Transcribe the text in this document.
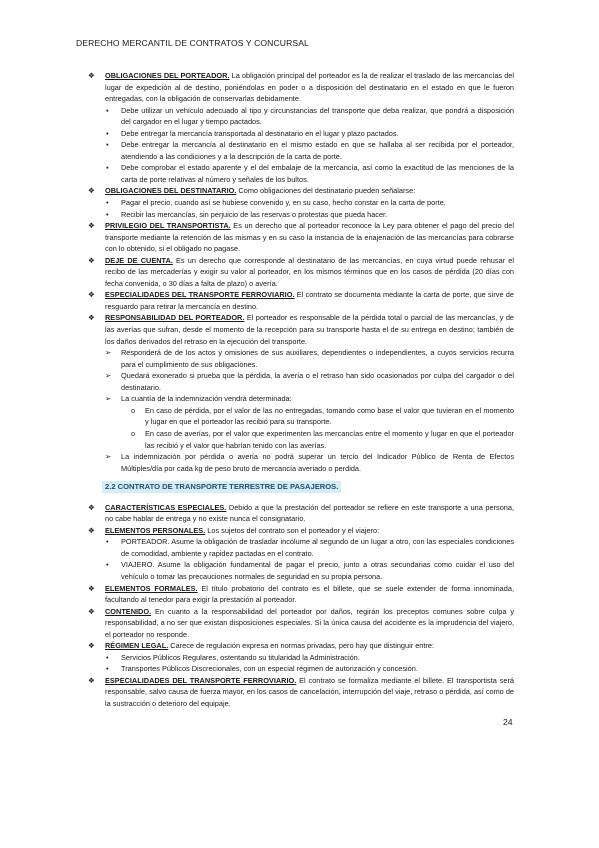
DERECHO MERCANTIL DE CONTRATOS Y CONCURSAL
❖ OBLIGACIONES DEL PORTEADOR. La obligación principal del porteador es la de realizar el traslado de las mercancías del lugar de expedición al de destino, poniéndolas en poder o a disposición del destinatario en el estado en que le fueron entregadas, con la obligación de conservarlas debidamente.
▪ Debe utilizar un vehículo adecuado al tipo y circunstancias del transporte que deba realizar, que pondrá a disposición del cargador en el lugar y tiempo pactados.
▪ Debe entregar la mercancía transportada al destinatario en el lugar y plazo pactados.
▪ Debe entregar la mercancía al destinatario en el mismo estado en que se hallaba al ser recibida por el porteador, atendiendo a las condiciones y a la descripción de la carta de porte.
▪ Debe comprobar el estado aparente y el del embalaje de la mercancía, así como la exactitud de las menciones de la carta de porte relativas al número y señales de los bultos.
❖ OBLIGACIONES DEL DESTINATARIO. Como obligaciones del destinatario pueden señalarse:
• Pagar el precio, cuando así se hubiese convenido y, en su caso, hecho constar en la carta de porte.
• Recibir las mercancías, sin perjuicio de las reservas o protestas que pueda hacer.
❖ PRIVILEGIO DEL TRANSPORTISTA. Es un derecho que al porteador reconoce la Ley para obtener el pago del precio del transporte mediante la retención de las mismas y en su caso la instancia de la enajenación de las mercancías para cobrarse con lo obtenido, si el obligado no pagase.
❖ DEJE DE CUENTA. Es un derecho que corresponde al destinatario de las mercancías, en cuya virtud puede rehusar el recibo de las mercaderías y exigir su valor al porteador, en los mismos términos que en los casos de pérdida (20 días con fecha convenida, o 30 días a falta de plazo) o avería.
❖ ESPECIALIDADES DEL TRANSPORTE FERROVIARIO. El contrato se documenta mediante la carta de porte, que sirve de resguardo para retirar la mercancía en destino.
❖ RESPONSABILIDAD DEL PORTEADOR. El porteador es responsable de la pérdida total o parcial de las mercancías, y de las averías que sufran, desde el momento de la recepción para su transporte hasta el de su entrega en destino; también de los daños derivados del retraso en la ejecución del transporte.
➢ Responderá de de los actos y omisiones de sus auxiliares, dependientes o independientes, a cuyos servicios recurra para el cumplimiento de sus obligaciones.
➢ Quedará exonerado si prueba que la pérdida, la avería o el retraso han sido ocasionados por culpa del cargador o del destinatario.
➢ La cuantía de la indemnización vendrá determinada:
o En caso de pérdida, por el valor de las no entregadas, tomando como base el valor que tuvieran en el momento y lugar en que el porteador las recibió para su transporte.
o En caso de averías, por el valor que experimenten las mercancías entre el momento y lugar en que el porteador las recibió y el valor que habrían tenido con las averías.
➢ La indemnización por pérdida o avería no podrá superar un tercio del Indicador Público de Renta de Efectos Múltiples/día por cada kg de peso bruto de mercancía averiado o perdida.
2.2 CONTRATO DE TRANSPORTE TERRESTRE DE PASAJEROS.
❖ CARACTERÍSTICAS ESPECIALES. Debido a que la prestación del porteador se refiere en este transporte a una persona, no cabe hablar de entrega y no existe nunca el consignatario.
❖ ELEMENTOS PERSONALES. Los sujetos del contrato son el porteador y el viajero:
• PORTEADOR. Asume la obligación de trasladar incólume al segundo de un lugar a otro, con las especiales condiciones de comodidad, ambiente y rapidez pactadas en el contrato.
• VIAJERO. Asume la obligación fundamental de pagar el precio, junto a otras secundarias como cuidar el uso del vehículo o tomar las precauciones normales de seguridad en su propia persona.
❖ ELEMENTOS FORMALES. El título probatorio del contrato es el billete, que se suele extender de forma innominada, facultando al tenedor para exigir la prestación al porteador.
❖ CONTENIDO. En cuanto a la responsabilidad del porteador por daños, regirán los preceptos comunes sobre culpa y responsabilidad, a no ser que existan disposiciones especiales. Si la única causa del accidente es la imprudencia del viajero, el porteador no responde.
❖ RÉGIMEN LEGAL. Carece de regulación expresa en normas privadas, pero hay que distinguir entre:
• Servicios Públicos Regulares, ostentando su titularidad la Administración.
• Transportes Públicos Discrecionales, con un especial régimen de autorización y concesión.
❖ ESPECIALIDADES DEL TRANSPORTE FERROVIARIO. El contrato se formaliza mediante el billete. El transportista será responsable, salvo causa de fuerza mayor, en los casos de cancelación, interrupción del viaje, retraso o pérdida, así como de la sustracción o deterioro del equipaje.
24
